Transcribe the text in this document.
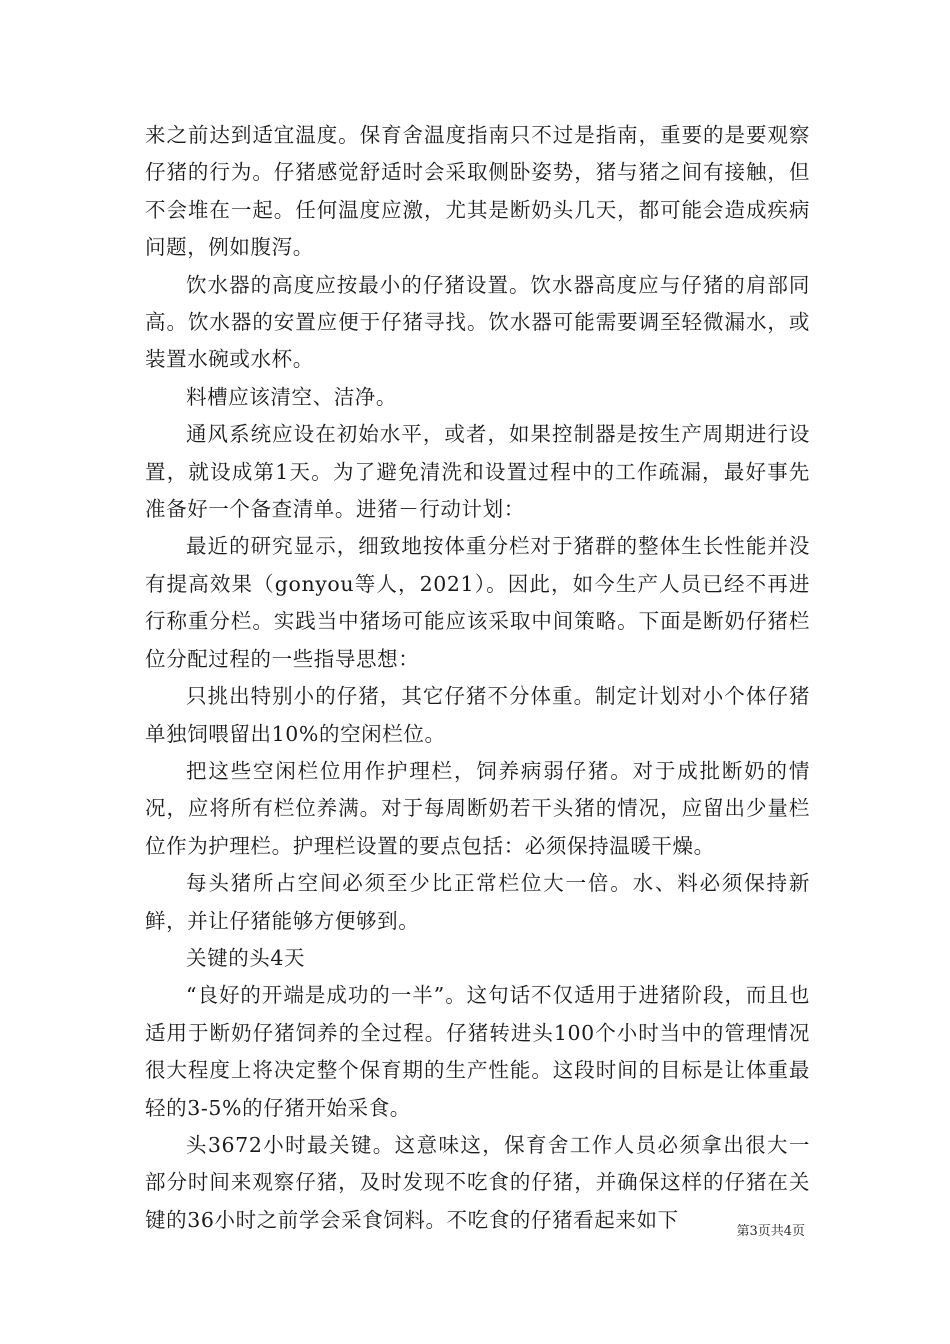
来之前达到适宜温度。保育舍温度指南只不过是指南，重要的是要观察仔猪的行为。仔猪感觉舒适时会采取侧卧姿势，猪与猪之间有接触，但不会堆在一起。任何温度应激，尤其是断奶头几天，都可能会造成疾病问题，例如腹泻。

饮水器的高度应按最小的仔猪设置。饮水器高度应与仔猪的肩部同高。饮水器的安置应便于仔猪寻找。饮水器可能需要调至轻微漏水，或装置水碗或水杯。

料槽应该清空、洁净。

通风系统应设在初始水平，或者，如果控制器是按生产周期进行设置，就设成第1天。为了避免清洗和设置过程中的工作疏漏，最好事先准备好一个备查清单。进猪－行动计划：

最近的研究显示，细致地按体重分栏对于猪群的整体生长性能并没有提高效果（gonyou等人，2021）。因此，如今生产人员已经不再进行称重分栏。实践当中猪场可能应该采取中间策略。下面是断奶仔猪栏位分配过程的一些指导思想：

只挑出特别小的仔猪，其它仔猪不分体重。制定计划对小个体仔猪单独饲喂留出10%的空闲栏位。

把这些空闲栏位用作护理栏，饲养病弱仔猪。对于成批断奶的情况，应将所有栏位养满。对于每周断奶若干头猪的情况，应留出少量栏位作为护理栏。护理栏设置的要点包括：必须保持温暖干燥。

每头猪所占空间必须至少比正常栏位大一倍。水、料必须保持新鲜，并让仔猪能够方便够到。

关键的头4天

“良好的开端是成功的一半”。这句话不仅适用于进猪阶段，而且也适用于断奶仔猪饲养的全过程。仔猪转进头100个小时当中的管理情况很大程度上将决定整个保育期的生产性能。这段时间的目标是让体重最轻的3-5%的仔猪开始采食。

头3672小时最关键。这意味这，保育舍工作人员必须拿出很大一部分时间来观察仔猪，及时发现不吃食的仔猪，并确保这样的仔猪在关键的36小时之前学会采食饲料。不吃食的仔猪看起来如下	第3页共4页
